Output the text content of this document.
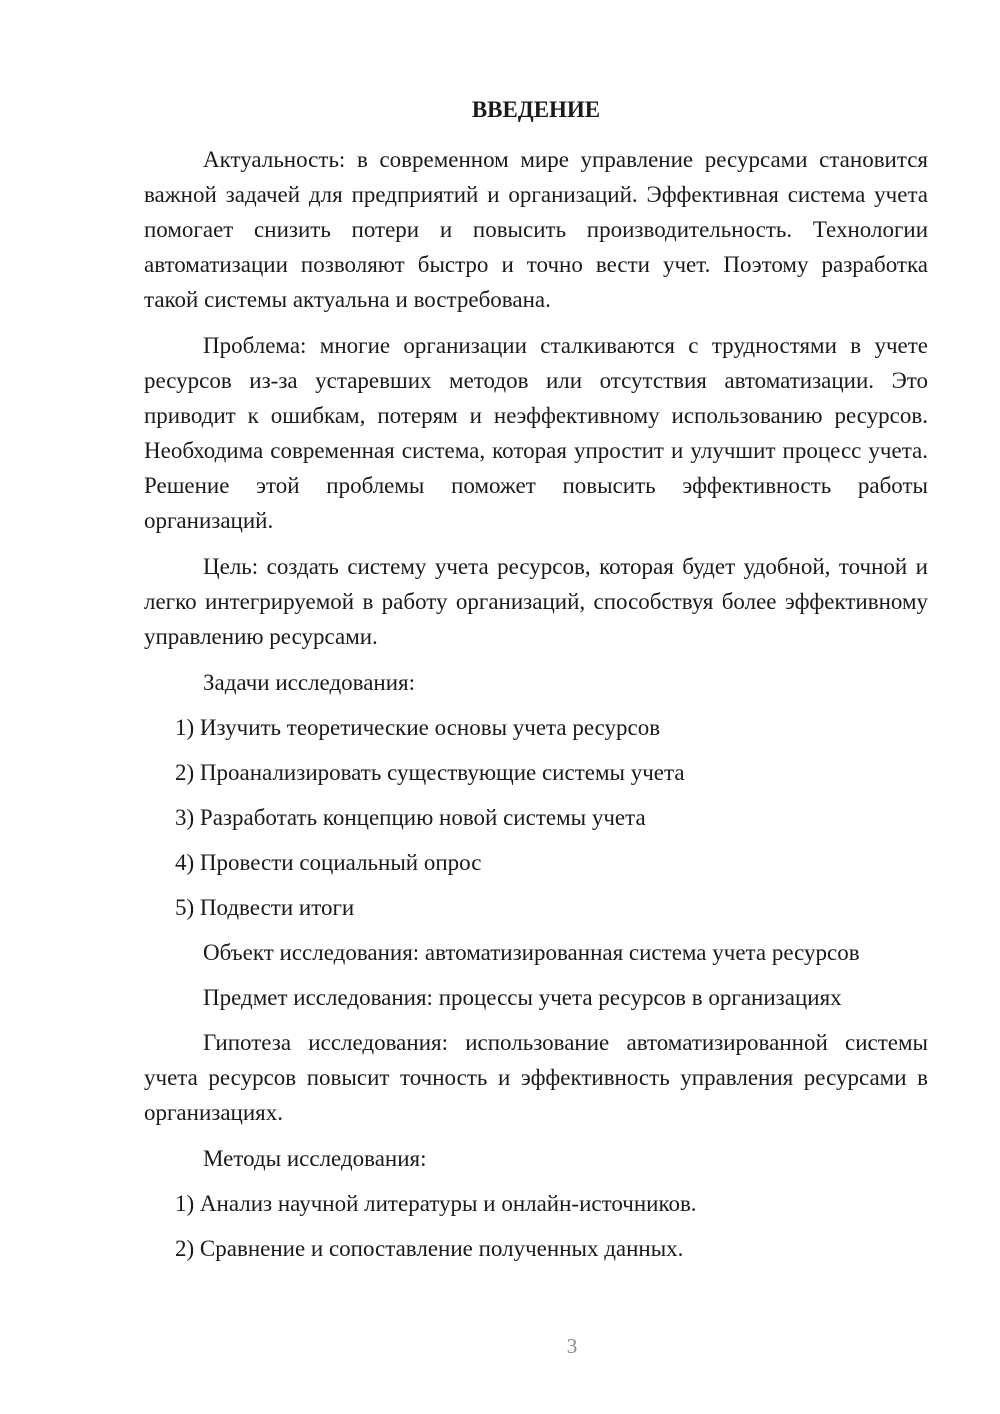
ВВЕДЕНИЕ

Актуальность: в современном мире управление ресурсами становится важной задачей для предприятий и организаций. Эффективная система учета помогает снизить потери и повысить производительность. Технологии автоматизации позволяют быстро и точно вести учет. Поэтому разработка такой системы актуальна и востребована.

Проблема: многие организации сталкиваются с трудностями в учете ресурсов из-за устаревших методов или отсутствия автоматизации. Это приводит к ошибкам, потерям и неэффективному использованию ресурсов. Необходима современная система, которая упростит и улучшит процесс учета. Решение этой проблемы поможет повысить эффективность работы организаций.

Цель: создать систему учета ресурсов, которая будет удобной, точной и легко интегрируемой в работу организаций, способствуя более эффективному управлению ресурсами.

Задачи исследования:
1) Изучить теоретические основы учета ресурсов
2) Проанализировать существующие системы учета
3) Разработать концепцию новой системы учета
4) Провести социальный опрос
5) Подвести итоги
Объект исследования: автоматизированная система учета ресурсов
Предмет исследования: процессы учета ресурсов в организациях

Гипотеза исследования: использование автоматизированной системы учета ресурсов повысит точность и эффективность управления ресурсами в организациях.

Методы исследования:
1) Анализ научной литературы и онлайн-источников.
2) Сравнение и сопоставление полученных данных.
3
